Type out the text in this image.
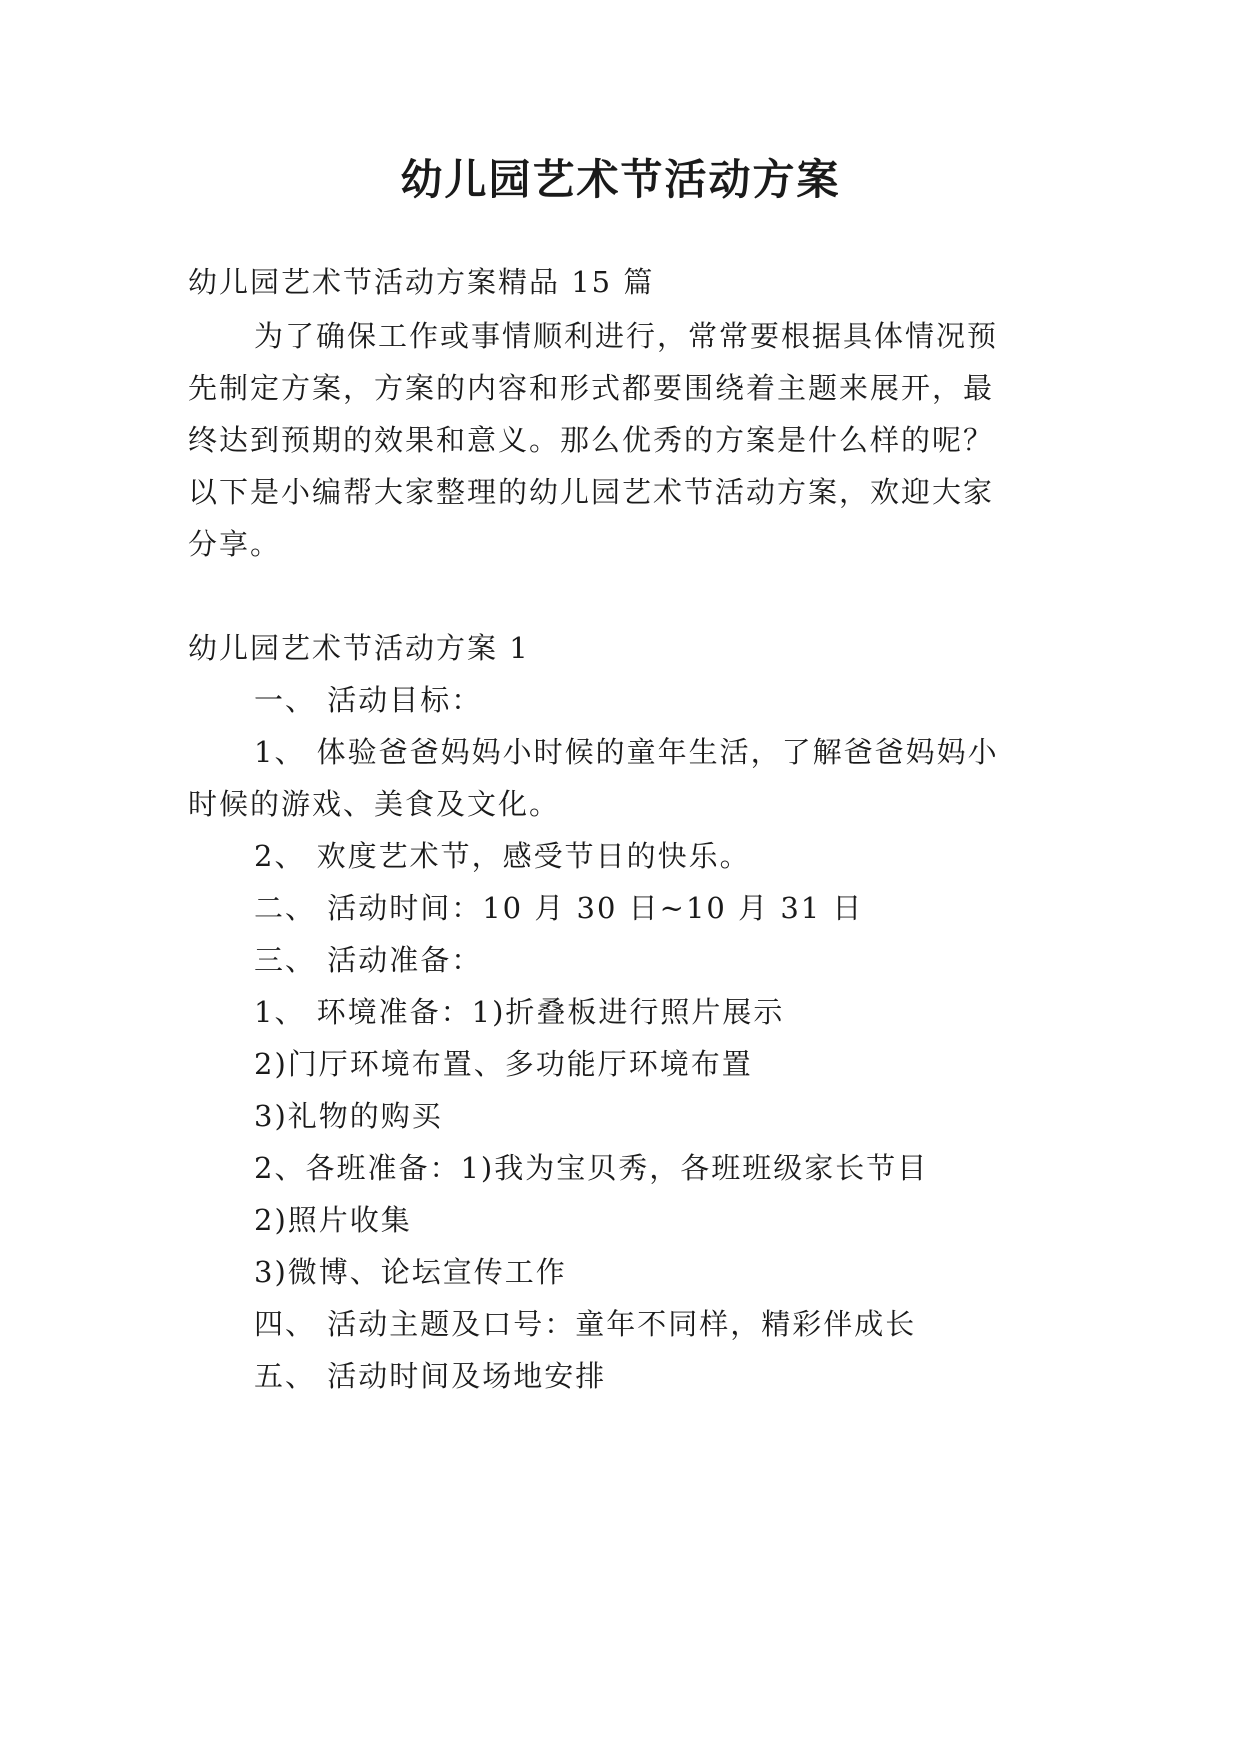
幼儿园艺术节活动方案
幼儿园艺术节活动方案精品 15 篇
为了确保工作或事情顺利进行，常常要根据具体情况预
先制定方案，方案的内容和形式都要围绕着主题来展开，最
终达到预期的效果和意义。那么优秀的方案是什么样的呢？
以下是小编帮大家整理的幼儿园艺术节活动方案，欢迎大家
分享。
幼儿园艺术节活动方案 1
一、 活动目标：
1、 体验爸爸妈妈小时候的童年生活，了解爸爸妈妈小
时候的游戏、美食及文化。
2、 欢度艺术节，感受节日的快乐。
二、 活动时间：10 月 30 日~10 月 31 日
三、 活动准备：
1、 环境准备：1)折叠板进行照片展示
2)门厅环境布置、多功能厅环境布置
3)礼物的购买
2、各班准备：1)我为宝贝秀，各班班级家长节目
2)照片收集
3)微博、论坛宣传工作
四、 活动主题及口号：童年不同样，精彩伴成长
五、 活动时间及场地安排
